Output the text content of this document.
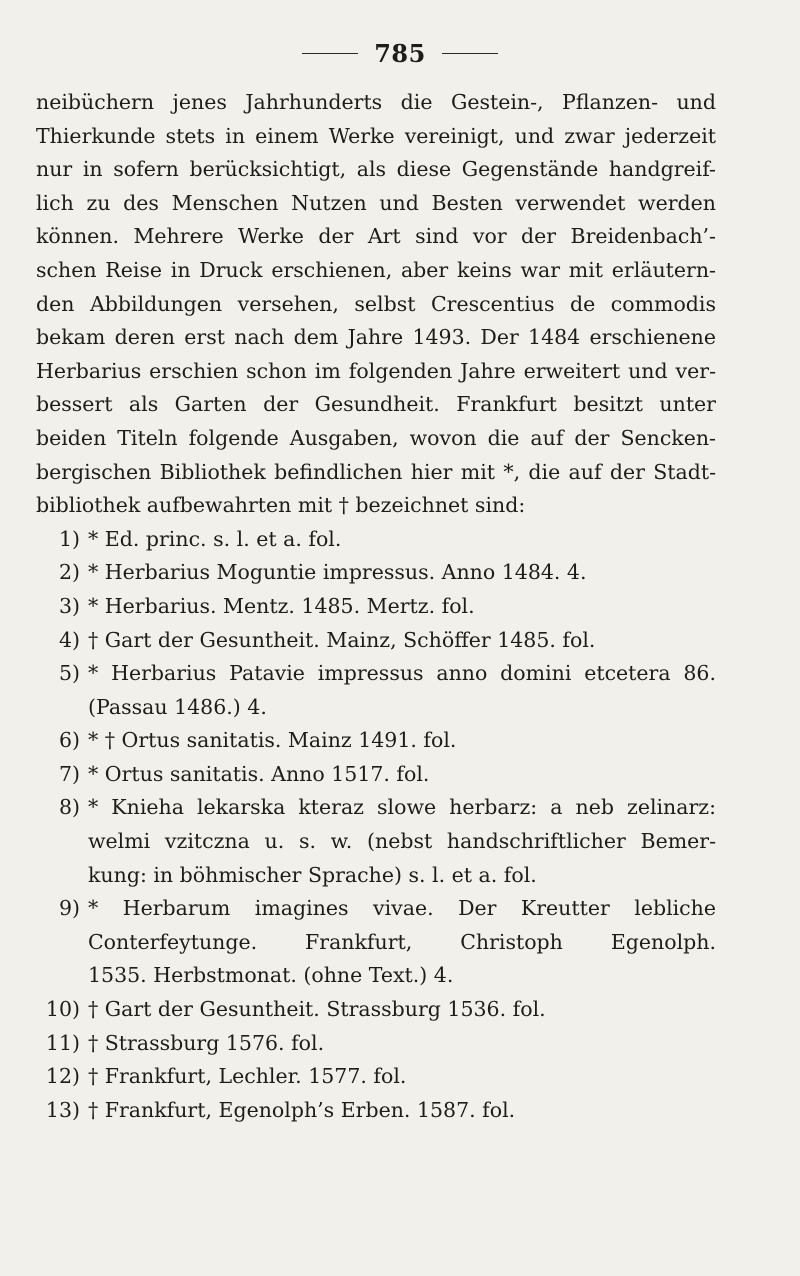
785
neibüchern jenes Jahrhunderts die Gestein-, Pflanzen- und
Thierkunde stets in einem Werke vereinigt, und zwar jederzeit
nur in sofern berücksichtigt, als diese Gegenstände handgreif-
lich zu des Menschen Nutzen und Besten verwendet werden
können. Mehrere Werke der Art sind vor der Breidenbach’-
schen Reise in Druck erschienen, aber keins war mit erläutern-
den Abbildungen versehen, selbst Crescentius de commodis
bekam deren erst nach dem Jahre 1493. Der 1484 erschienene
Herbarius erschien schon im folgenden Jahre erweitert und ver-
bessert als Garten der Gesundheit. Frankfurt besitzt unter
beiden Titeln folgende Ausgaben, wovon die auf der Sencken-
bergischen Bibliothek befindlichen hier mit *, die auf der Stadt-
bibliothek aufbewahrten mit † bezeichnet sind:
1) * Ed. princ. s. l. et a. fol.
2) * Herbarius Moguntie impressus. Anno 1484. 4.
3) * Herbarius. Mentz. 1485. Mertz. fol.
4) † Gart der Gesuntheit. Mainz, Schöffer 1485. fol.
5) * Herbarius Patavie impressus anno domini etcetera 86.
(Passau 1486.) 4.
6) * † Ortus sanitatis. Mainz 1491. fol.
7) * Ortus sanitatis. Anno 1517. fol.
8) * Knieha lekarska kteraz slowe herbarz: a neb zelinarz:
welmi vzitczna u. s. w. (nebst handschriftlicher Bemer-
kung: in böhmischer Sprache) s. l. et a. fol.
9) * Herbarum imagines vivae. Der Kreutter lebliche
Conterfeytunge. Frankfurt, Christoph Egenolph.
1535. Herbstmonat. (ohne Text.) 4.
10) † Gart der Gesuntheit. Strassburg 1536. fol.
11) † Strassburg 1576. fol.
12) † Frankfurt, Lechler. 1577. fol.
13) † Frankfurt, Egenolph’s Erben. 1587. fol.
